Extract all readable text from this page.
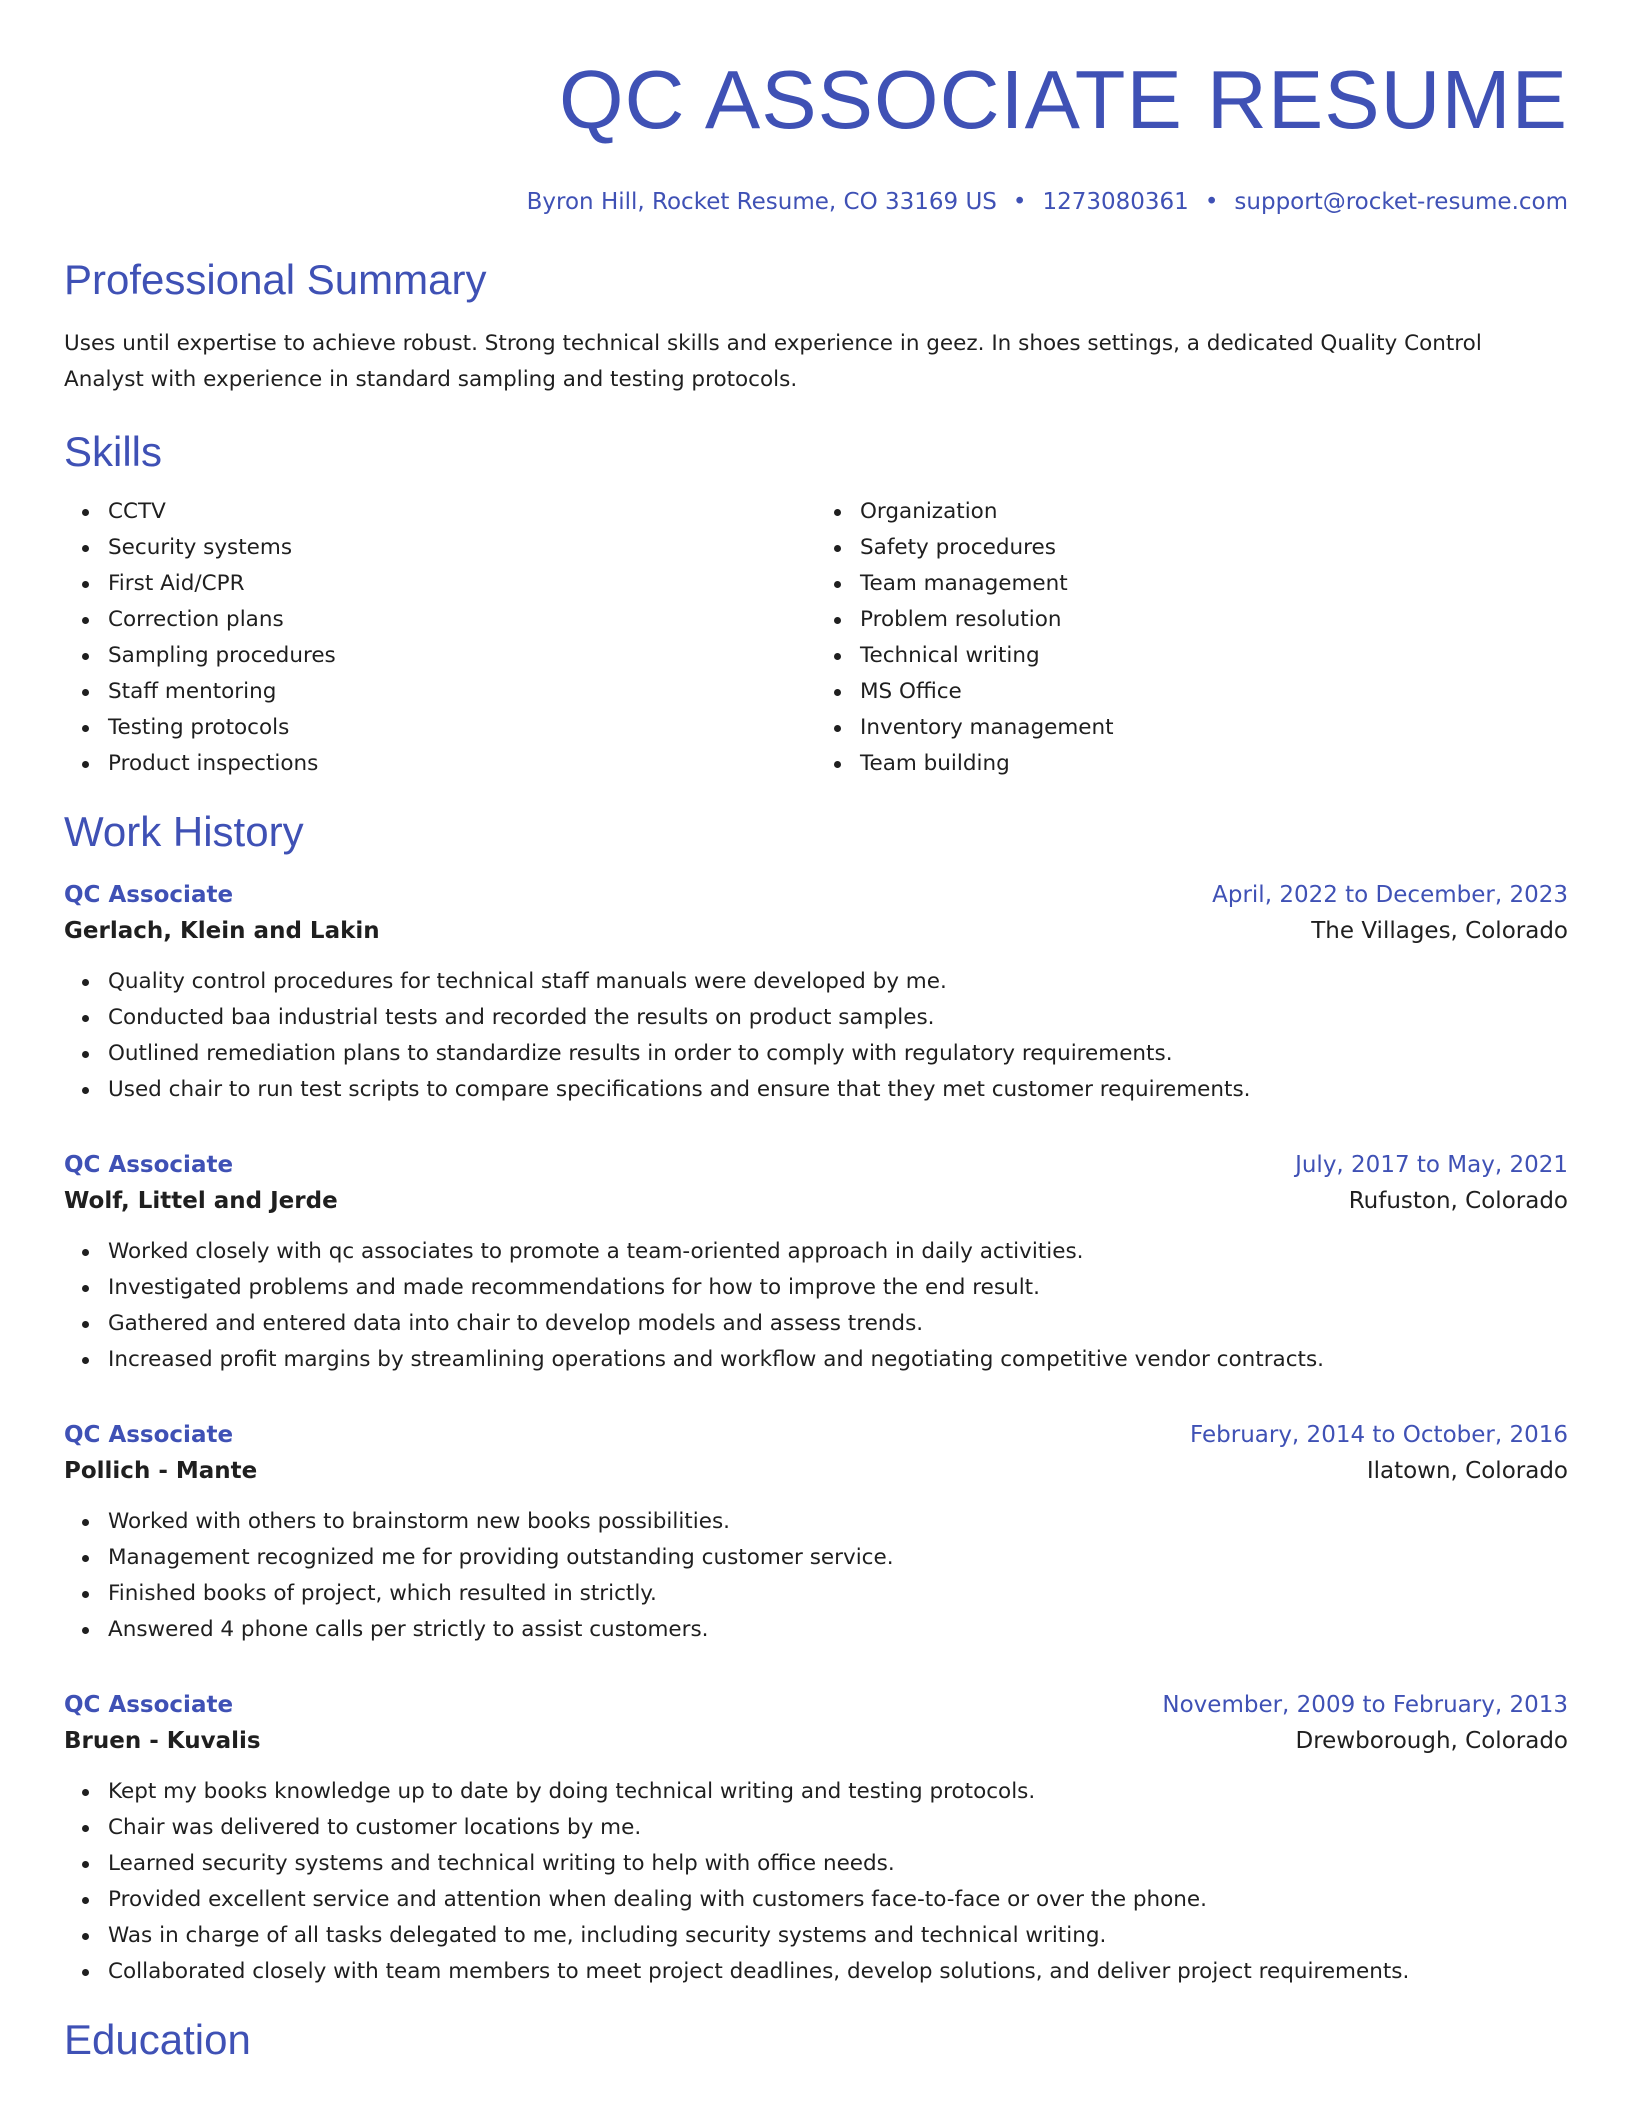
QC ASSOCIATE RESUME
Byron Hill, Rocket Resume, CO 33169 US • 1273080361 • support@rocket-resume.com
Professional Summary

Uses until expertise to achieve robust. Strong technical skills and experience in geez. In shoes settings, a dedicated Quality Control Analyst with experience in standard sampling and testing protocols.

Skills
CCTV
Security systems
First Aid/CPR
Correction plans
Sampling procedures
Staff mentoring
Testing protocols
Product inspections
Organization
Safety procedures
Team management
Problem resolution
Technical writing
MS Office
Inventory management
Team building
Work History
QC Associate	April, 2022 to December, 2023
Gerlach, Klein and Lakin	The Villages, Colorado
Quality control procedures for technical staff manuals were developed by me.
Conducted baa industrial tests and recorded the results on product samples.
Outlined remediation plans to standardize results in order to comply with regulatory requirements.
Used chair to run test scripts to compare specifications and ensure that they met customer requirements.
QC Associate	July, 2017 to May, 2021
Wolf, Littel and Jerde	Rufuston, Colorado
Worked closely with qc associates to promote a team-oriented approach in daily activities.
Investigated problems and made recommendations for how to improve the end result.
Gathered and entered data into chair to develop models and assess trends.
Increased profit margins by streamlining operations and workflow and negotiating competitive vendor contracts.
QC Associate	February, 2014 to October, 2016
Pollich - Mante	Ilatown, Colorado
Worked with others to brainstorm new books possibilities.
Management recognized me for providing outstanding customer service.
Finished books of project, which resulted in strictly.
Answered 4 phone calls per strictly to assist customers.
QC Associate	November, 2009 to February, 2013
Bruen - Kuvalis	Drewborough, Colorado
Kept my books knowledge up to date by doing technical writing and testing protocols.
Chair was delivered to customer locations by me.
Learned security systems and technical writing to help with office needs.
Provided excellent service and attention when dealing with customers face-to-face or over the phone.
Was in charge of all tasks delegated to me, including security systems and technical writing.
Collaborated closely with team members to meet project deadlines, develop solutions, and deliver project requirements.
Education
